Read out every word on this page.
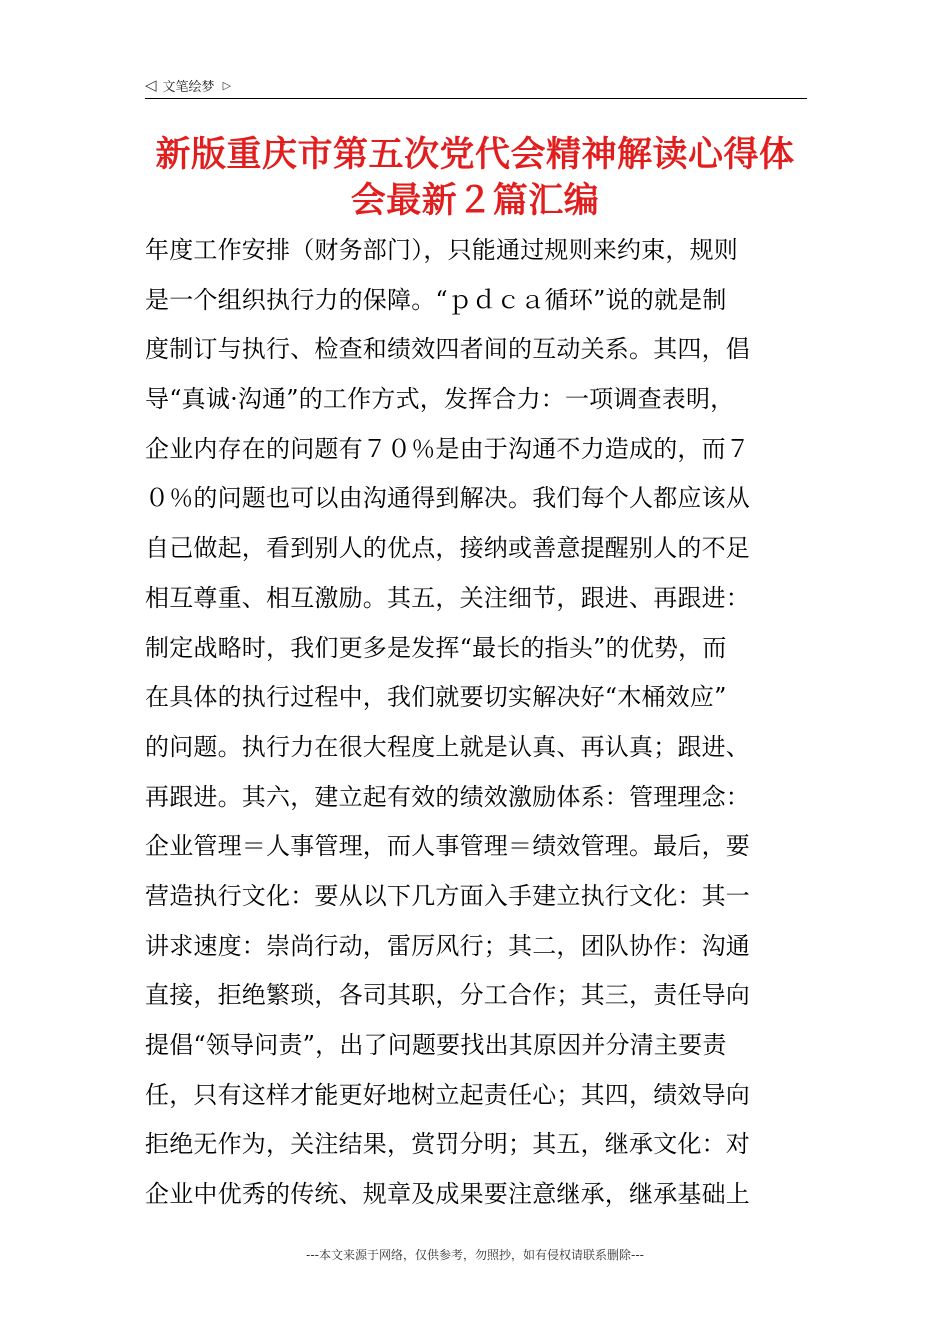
◁ 文笔绘梦 ▷
新版重庆市第五次党代会精神解读心得体
会最新２篇汇编
年度工作安排（财务部门），只能通过规则来约束，规则
是一个组织执行力的保障。“ｐｄｃａ循环”说的就是制
度制订与执行、检查和绩效四者间的互动关系。其四，倡
导“真诚·沟通”的工作方式，发挥合力：一项调查表明，
企业内存在的问题有７０％是由于沟通不力造成的，而７
０％的问题也可以由沟通得到解决。我们每个人都应该从
自己做起，看到别人的优点，接纳或善意提醒别人的不足
相互尊重、相互激励。其五，关注细节，跟进、再跟进：
制定战略时，我们更多是发挥“最长的指头”的优势，而
在具体的执行过程中，我们就要切实解决好“木桶效应”
的问题。执行力在很大程度上就是认真、再认真；跟进、
再跟进。其六，建立起有效的绩效激励体系：管理理念：
企业管理＝人事管理，而人事管理＝绩效管理。最后，要
营造执行文化：要从以下几方面入手建立执行文化：其一
讲求速度：崇尚行动，雷厉风行；其二，团队协作：沟通
直接，拒绝繁琐，各司其职，分工合作；其三，责任导向
提倡“领导问责”，出了问题要找出其原因并分清主要责
任，只有这样才能更好地树立起责任心；其四，绩效导向
拒绝无作为，关注结果，赏罚分明；其五，继承文化：对
企业中优秀的传统、规章及成果要注意继承，继承基础上
---本文来源于网络，仅供参考，勿照抄，如有侵权请联系删除---
